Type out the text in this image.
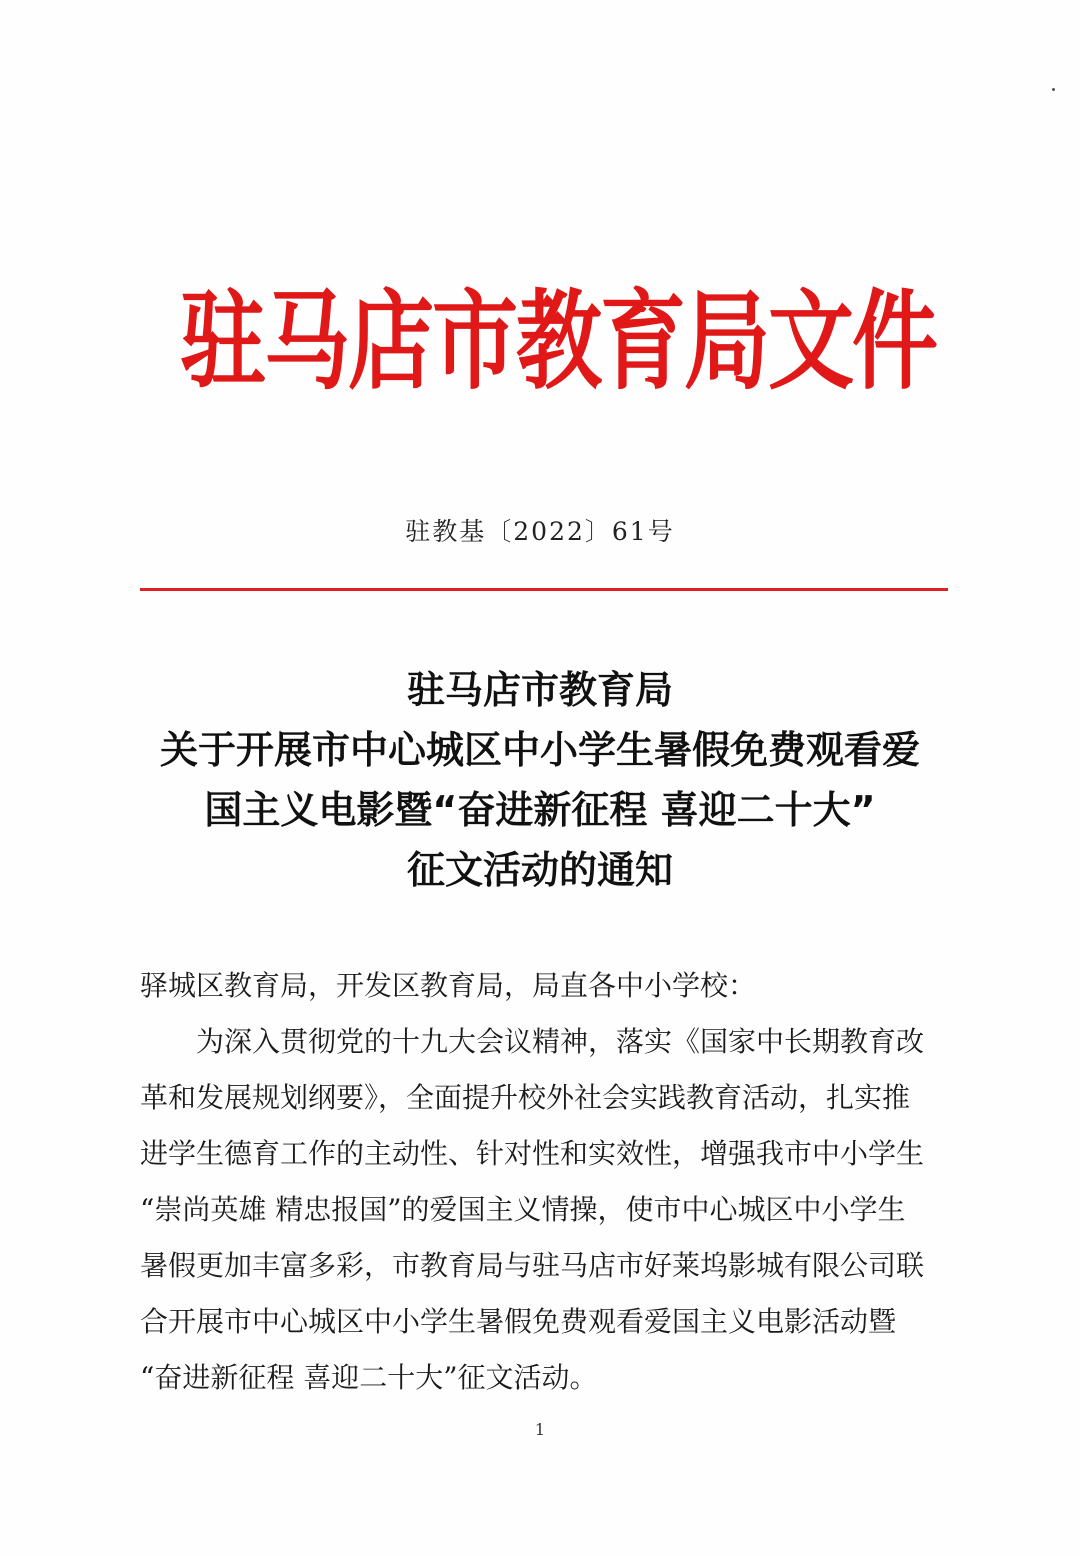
驻马店市教育局文件
驻教基〔2022〕61号
驻马店市教育局
关于开展市中心城区中小学生暑假免费观看爱
国主义电影暨“奋进新征程 喜迎二十大”
征文活动的通知
驿城区教育局，开发区教育局，局直各中小学校：
为深入贯彻党的十九大会议精神，落实《国家中长期教育改
革和发展规划纲要》，全面提升校外社会实践教育活动，扎实推
进学生德育工作的主动性、针对性和实效性，增强我市中小学生
“崇尚英雄 精忠报国”的爱国主义情操，使市中心城区中小学生
暑假更加丰富多彩，市教育局与驻马店市好莱坞影城有限公司联
合开展市中心城区中小学生暑假免费观看爱国主义电影活动暨
“奋进新征程 喜迎二十大”征文活动。
1
